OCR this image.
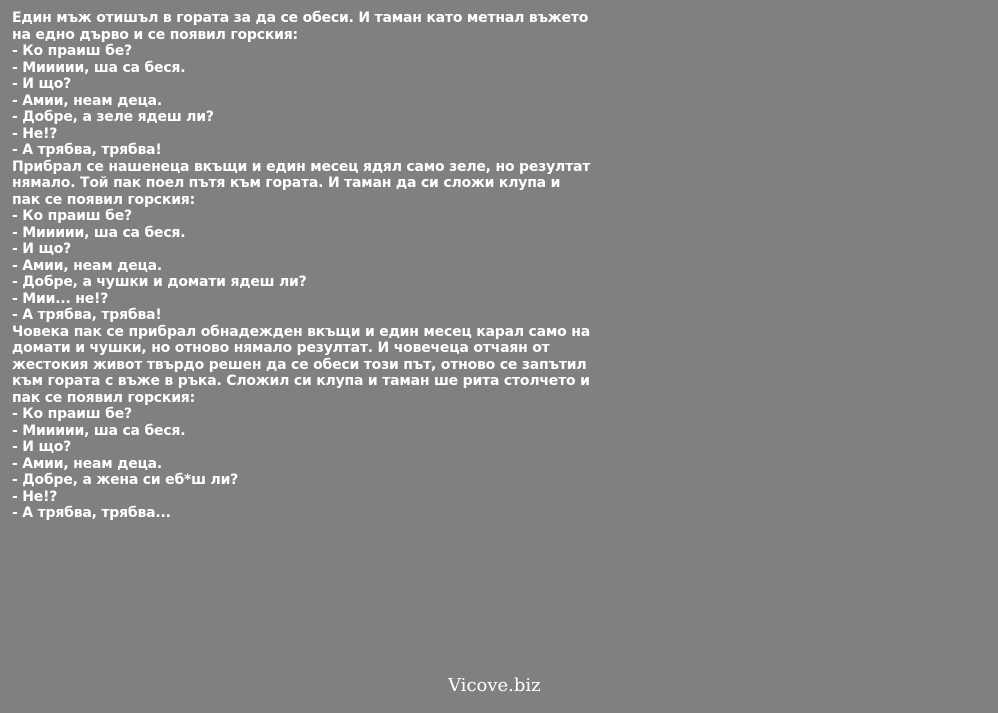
Един мъж отишъл в гората за да се обеси. И таман като метнал въжето
на едно дърво и се появил горския:
- Ко праиш бе?
- Миииии, ша са беся.
- И що?
- Амии, неам деца.
- Добре, а зеле ядеш ли?
- Не!?
- А трябва, трябва!
Прибрал се нашенеца вкъщи и един месец ядял само зеле, но резултат
нямало. Той пак поел пътя към гората. И таман да си сложи клупа и
пак се появил горския:
- Ко праиш бе?
- Миииии, ша са беся.
- И що?
- Амии, неам деца.
- Добре, а чушки и домати ядеш ли?
- Мии... не!?
- А трябва, трябва!
Човека пак се прибрал обнадежден вкъщи и един месец карал само на
домати и чушки, но отново нямало резултат. И човечеца отчаян от
жестокия живот твърдо решен да се обеси този път, отново се запътил
към гората с въже в ръка. Сложил си клупа и таман ше рита столчето и
пак се появил горския:
- Ко праиш бе?
- Миииии, ша са беся.
- И що?
- Амии, неам деца.
- Добре, а жена си еб*ш ли?
- Не!?
- А трябва, трябва...
Vicove.biz
